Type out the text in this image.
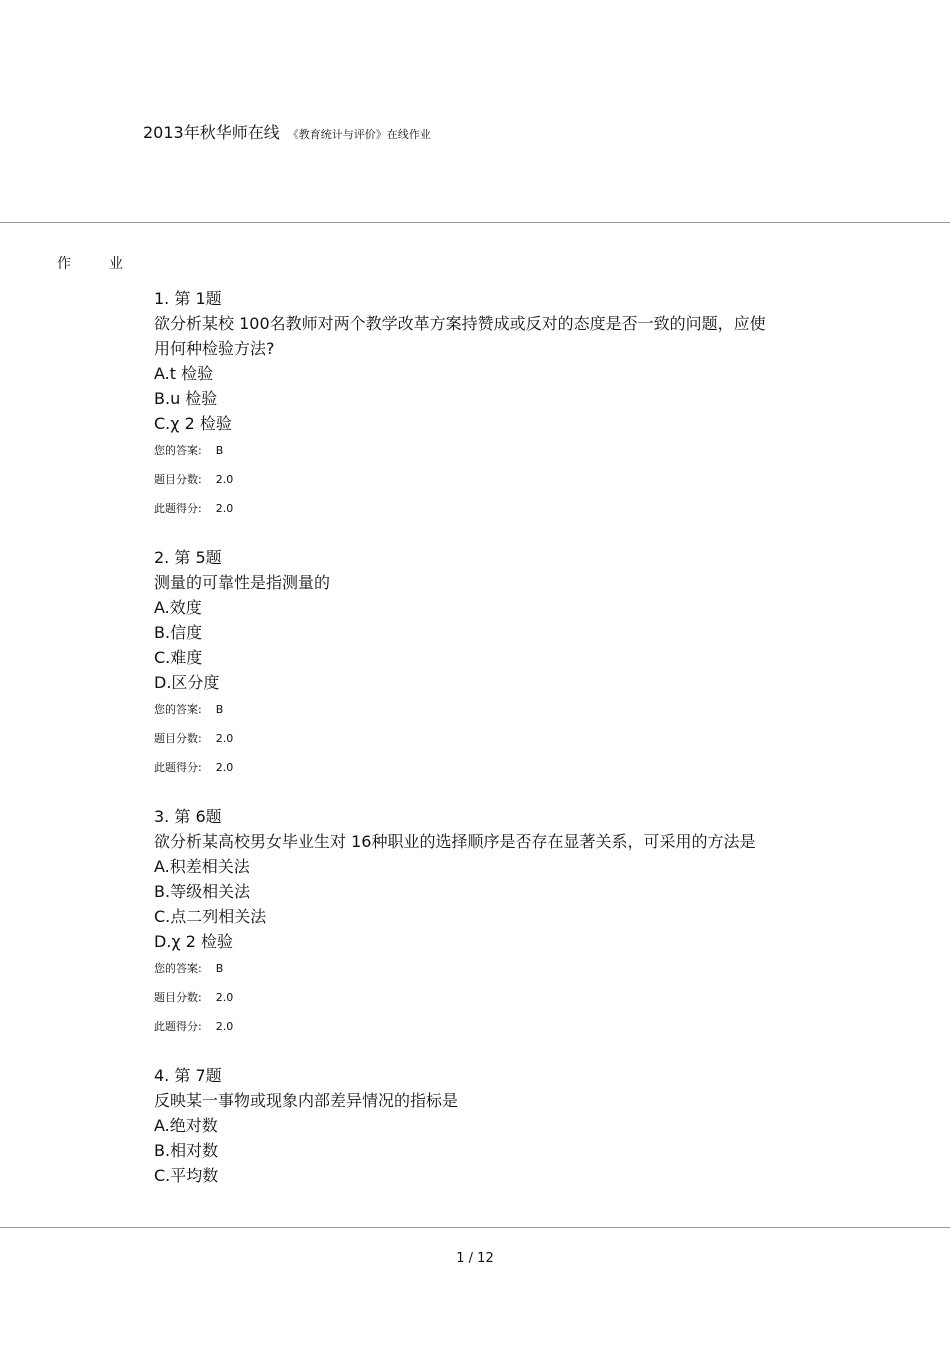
2013年秋华师在线 《教育统计与评价》在线作业
作	业
1. 第 1题
欲分析某校 100名教师对两个教学改革方案持赞成或反对的态度是否一致的问题，应使用何种检验方法?
A.t 检验
B.u 检验
C.χ 2 检验
您的答案: B
题目分数: 2.0
此题得分: 2.0
2. 第 5题
测量的可靠性是指测量的
A.效度
B.信度
C.难度
D.区分度
您的答案: B
题目分数: 2.0
此题得分: 2.0
3. 第 6题
欲分析某高校男女毕业生对 16种职业的选择顺序是否存在显著关系，可采用的方法是
A.积差相关法
B.等级相关法
C.点二列相关法
D.χ 2 检验
您的答案: B
题目分数: 2.0
此题得分: 2.0
4. 第 7题
反映某一事物或现象内部差异情况的指标是
A.绝对数
B.相对数
C.平均数
1 / 12
